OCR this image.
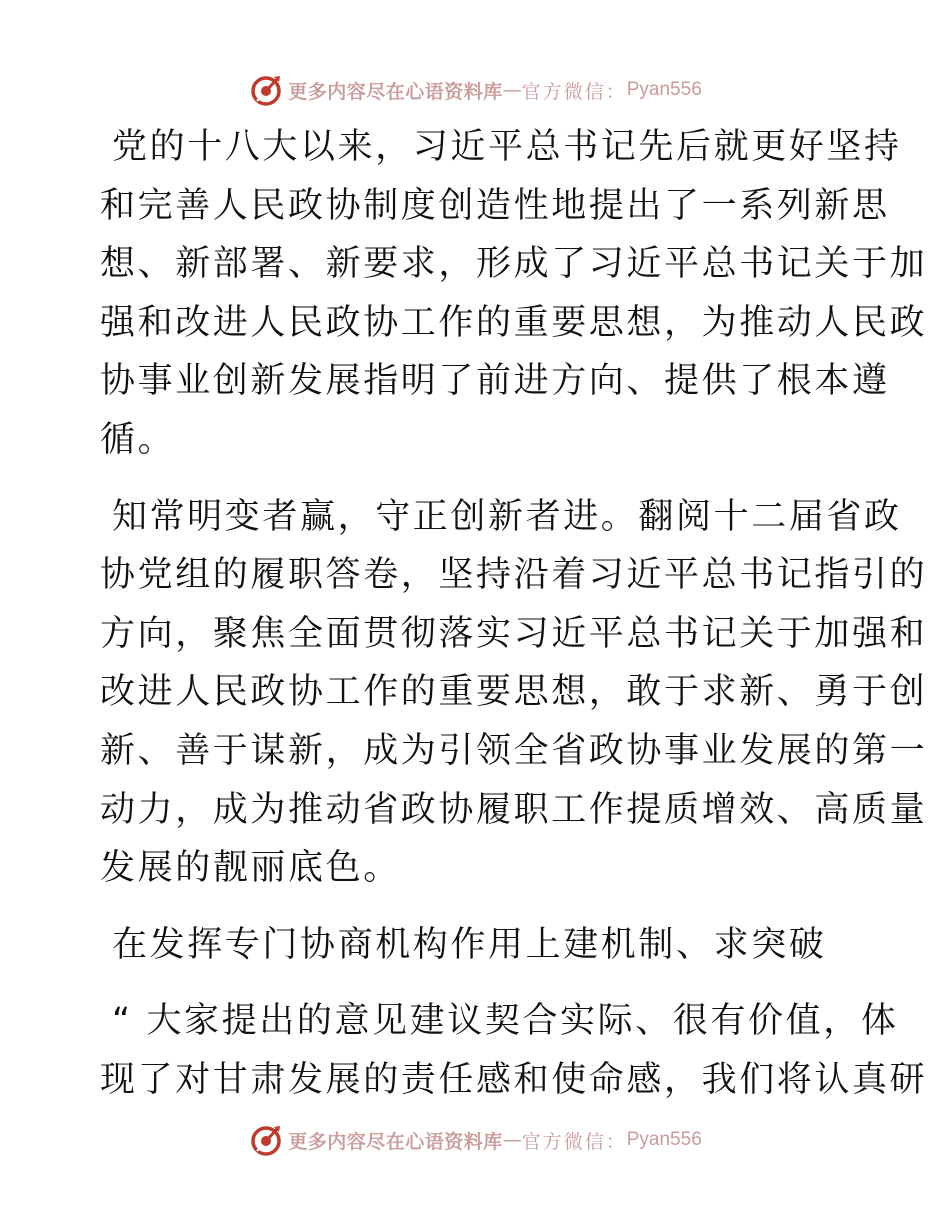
更多内容尽在心语资料库 — 官方微信： Pyan556
党的十八大以来，习近平总书记先后就更好坚持
和完善人民政协制度创造性地提出了一系列新思
想、新部署、新要求，形成了习近平总书记关于加
强和改进人民政协工作的重要思想，为推动人民政
协事业创新发展指明了前进方向、提供了根本遵
循。
知常明变者赢，守正创新者进。翻阅十二届省政
协党组的履职答卷，坚持沿着习近平总书记指引的
方向，聚焦全面贯彻落实习近平总书记关于加强和
改进人民政协工作的重要思想，敢于求新、勇于创
新、善于谋新，成为引领全省政协事业发展的第一
动力，成为推动省政协履职工作提质增效、高质量
发展的靓丽底色。
在发挥专门协商机构作用上建机制、求突破
“ 大家提出的意见建议契合实际、很有价值，体
现了对甘肃发展的责任感和使命感，我们将认真研
更多内容尽在心语资料库 — 官方微信： Pyan556
